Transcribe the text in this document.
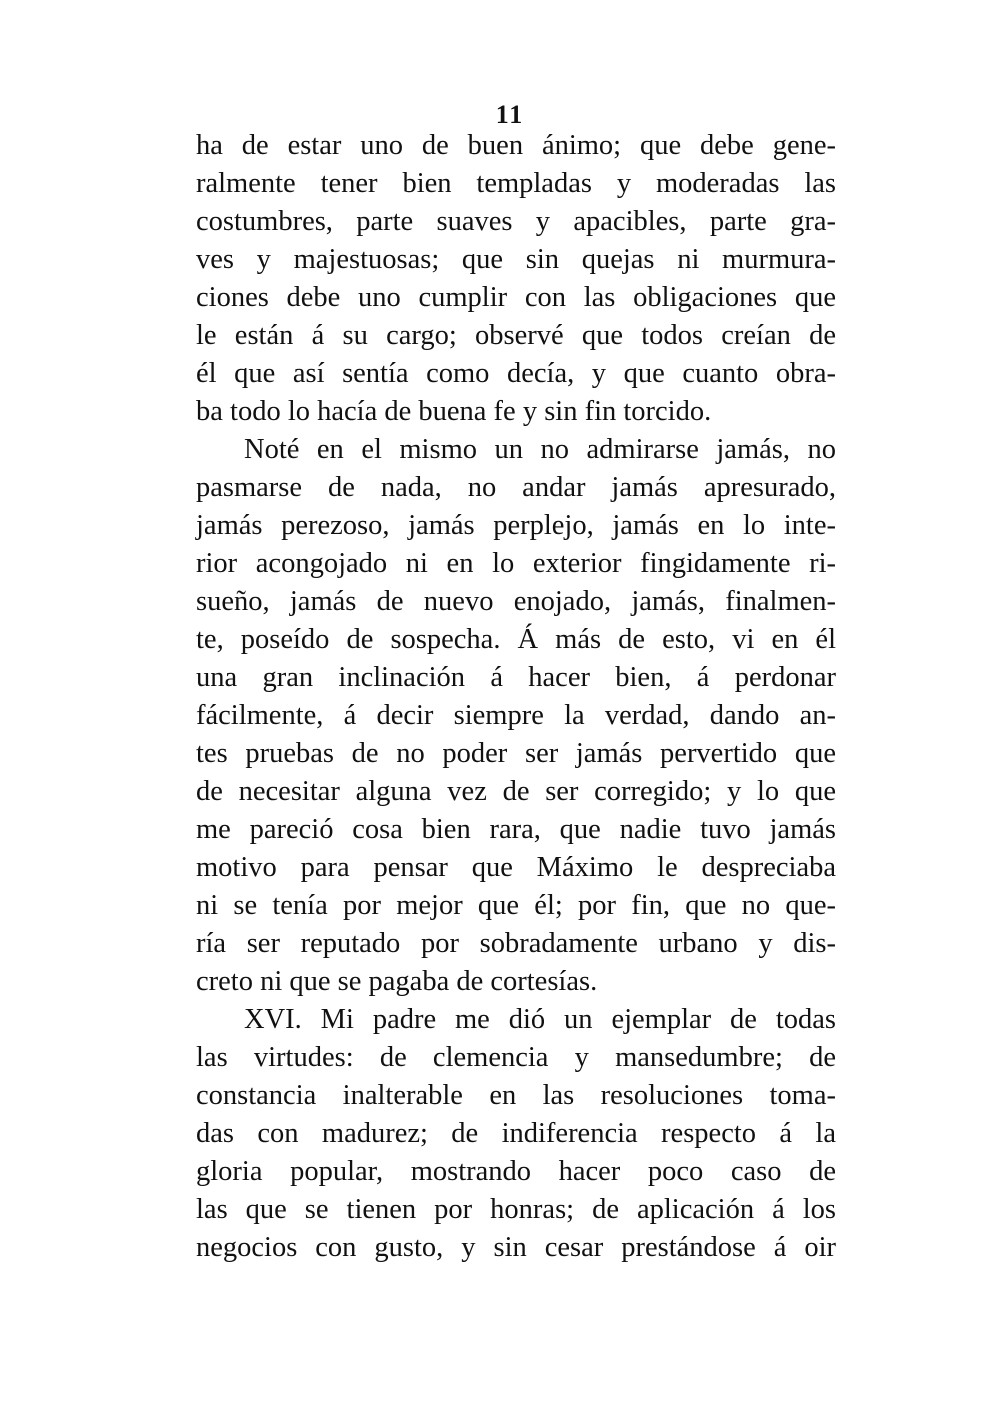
11
ha de estar uno de buen ánimo; que debe gene-
ralmente tener bien templadas y moderadas las
costumbres, parte suaves y apacibles, parte gra-
ves y majestuosas; que sin quejas ni murmura-
ciones debe uno cumplir con las obligaciones que
le están á su cargo; observé que todos creían de
él que así sentía como decía, y que cuanto obra-
ba todo lo hacía de buena fe y sin fin torcido.
Noté en el mismo un no admirarse jamás, no
pasmarse de nada, no andar jamás apresurado,
jamás perezoso, jamás perplejo, jamás en lo inte-
rior acongojado ni en lo exterior fingidamente ri-
sueño, jamás de nuevo enojado, jamás, finalmen-
te, poseído de sospecha. Á más de esto, vi en él
una gran inclinación á hacer bien, á perdonar
fácilmente, á decir siempre la verdad, dando an-
tes pruebas de no poder ser jamás pervertido que
de necesitar alguna vez de ser corregido; y lo que
me pareció cosa bien rara, que nadie tuvo jamás
motivo para pensar que Máximo le despreciaba
ni se tenía por mejor que él; por fin, que no que-
ría ser reputado por sobradamente urbano y dis-
creto ni que se pagaba de cortesías.
XVI. Mi padre me dió un ejemplar de todas
las virtudes: de clemencia y mansedumbre; de
constancia inalterable en las resoluciones toma-
das con madurez; de indiferencia respecto á la
gloria popular, mostrando hacer poco caso de
las que se tienen por honras; de aplicación á los
negocios con gusto, y sin cesar prestándose á oir
